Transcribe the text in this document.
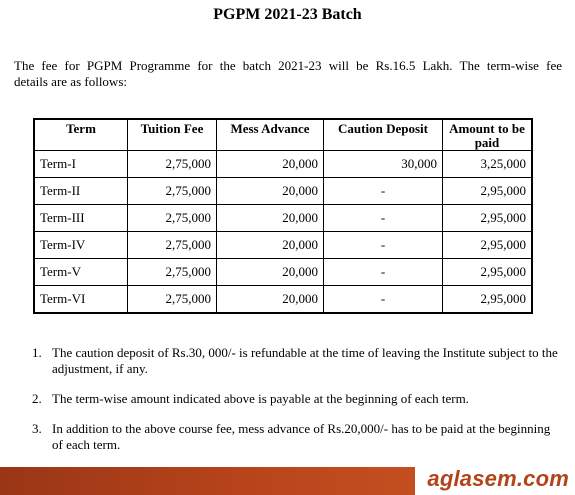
PGPM 2021-23 Batch
The fee for PGPM Programme for the batch 2021-23 will be Rs.16.5 Lakh. The term-wise fee
details are as follows:
Term	Tuition Fee	Mess Advance	Caution Deposit	Amount to be paid
Term-I	2,75,000	20,000	30,000	3,25,000
Term-II	2,75,000	20,000	-	2,95,000
Term-III	2,75,000	20,000	-	2,95,000
Term-IV	2,75,000	20,000	-	2,95,000
Term-V	2,75,000	20,000	-	2,95,000
Term-VI	2,75,000	20,000	-	2,95,000
1. The caution deposit of Rs.30, 000/- is refundable at the time of leaving the Institute subject to the adjustment, if any.
2. The term-wise amount indicated above is payable at the beginning of each term.
3. In addition to the above course fee, mess advance of Rs.20,000/- has to be paid at the beginning of each term.
aglasem.com
